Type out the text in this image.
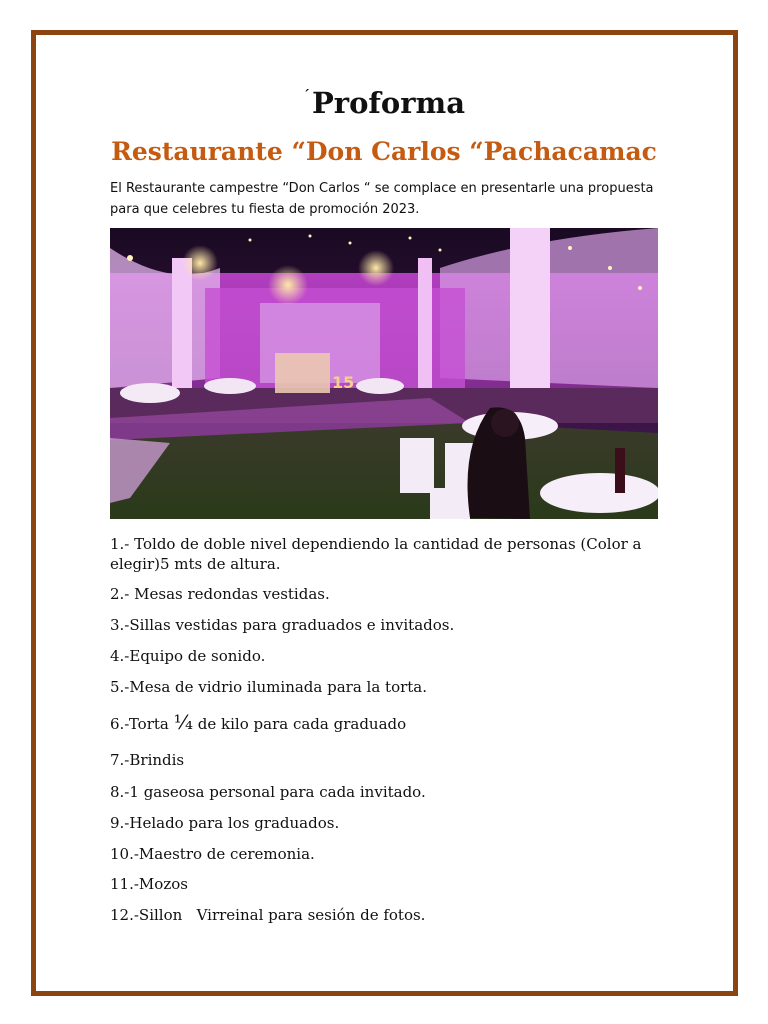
´Proforma
Restaurante “Don Carlos “Pachacamac
El Restaurante campestre “Don Carlos “ se complace en presentarle una propuesta para que celebres tu fiesta de promoción 2023.
15
1.- Toldo de doble nivel dependiendo la cantidad de personas (Color a elegir)5 mts de altura.
2.- Mesas redondas vestidas.
3.-Sillas vestidas para graduados e invitados.
4.-Equipo de sonido.
5.-Mesa de vidrio iluminada para la torta.
6.-Torta ¼ de kilo para cada graduado
7.-Brindis
8.-1 gaseosa personal para cada invitado.
9.-Helado para los graduados.
10.-Maestro de ceremonia.
11.-Mozos
12.-Sillon   Virreinal para sesión de fotos.
